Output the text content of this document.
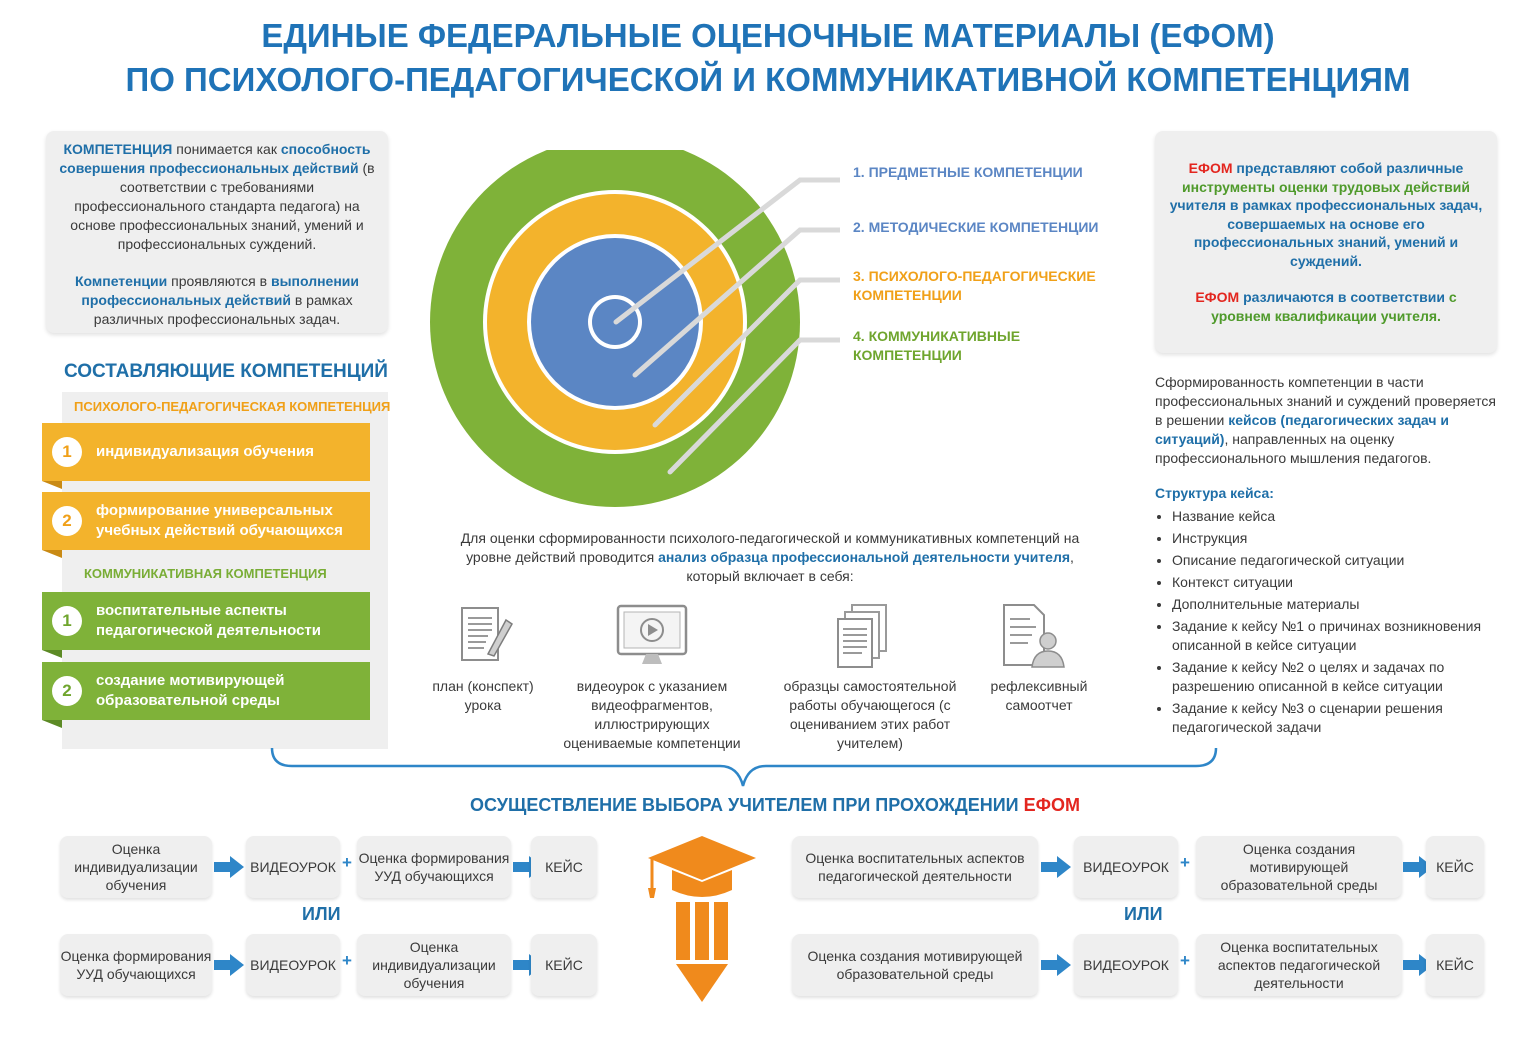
ЕДИНЫЕ ФЕДЕРАЛЬНЫЕ ОЦЕНОЧНЫЕ МАТЕРИАЛЫ (ЕФОМ)
ПО ПСИХОЛОГО-ПЕДАГОГИЧЕСКОЙ И КОММУНИКАТИВНОЙ КОМПЕТЕНЦИЯМ
КОМПЕТЕНЦИЯ понимается как способность совершения профессиональных действий (в соответствии с требованиями профессионального стандарта педагога) на основе профессиональных знаний, умений и профессиональных суждений.
Компетенции проявляются в выполнении профессиональных действий в рамках различных профессиональных задач.
СОСТАВЛЯЮЩИЕ КОМПЕТЕНЦИЙ
ПСИХОЛОГО-ПЕДАГОГИЧЕСКАЯ КОМПЕТЕНЦИЯ
1	индивидуализация обучения
2
формирование универсальных учебных действий обучающихся
КОММУНИКАТИВНАЯ КОМПЕТЕНЦИЯ
1
воспитательные аспекты педагогической деятельности
2
создание мотивирующей образовательной среды
1. ПРЕДМЕТНЫЕ КОМПЕТЕНЦИИ
2. МЕТОДИЧЕСКИЕ КОМПЕТЕНЦИИ
3. ПСИХОЛОГО-ПЕДАГОГИЧЕСКИЕ КОМПЕТЕНЦИИ
4. КОММУНИКАТИВНЫЕ КОМПЕТЕНЦИИ
Для оценки сформированности психолого-педагогической и коммуникативных компетенций на уровне действий проводится анализ образца профессиональной деятельности учителя, который включает в себя:
план (конспект) урока
видеоурок с указанием видеофрагментов, иллюстрирующих оцениваемые компетенции
образцы самостоятельной работы обучающегося (с оцениванием этих работ учителем)
рефлексивный самоотчет
ЕФОМ представляют собой различные инструменты оценки трудовых действий учителя в рамках профессиональных задач, совершаемых на основе его профессиональных знаний, умений и суждений.
ЕФОМ различаются в соответствии с уровнем квалификации учителя.
Сформированность компетенции в части профессиональных знаний и суждений проверяется в решении кейсов (педагогических задач и ситуаций), направленных на оценку профессионального мышления педагогов.
Структура кейса:
• Название кейса
• Инструкция
• Описание педагогической ситуации
• Контекст ситуации
• Дополнительные материалы
• Задание к кейсу №1 о причинах возникновения описанной в кейсе ситуации
• Задание к кейсу №2 о целях и задачах по разрешению описанной в кейсе ситуации
• Задание к кейсу №3 о сценарии решения педагогической задачи
ОСУЩЕСТВЛЕНИЕ ВЫБОРА УЧИТЕЛЕМ ПРИ ПРОХОЖДЕНИИ ЕФОМ
Оценка индивидуализации обучения
ВИДЕОУРОК + Оценка формирования УУД обучающихся
КЕЙС
ИЛИ
Оценка формирования УУД обучающихся
ВИДЕОУРОК +
Оценка индивидуализации обучения
КЕЙС
Оценка воспитательных аспектов педагогической деятельности
ВИДЕОУРОК +
Оценка создания мотивирующей образовательной среды
КЕЙС
ИЛИ
Оценка создания мотивирующей образовательной среды
ВИДЕОУРОК +
Оценка воспитательных аспектов педагогической деятельности
КЕЙС
